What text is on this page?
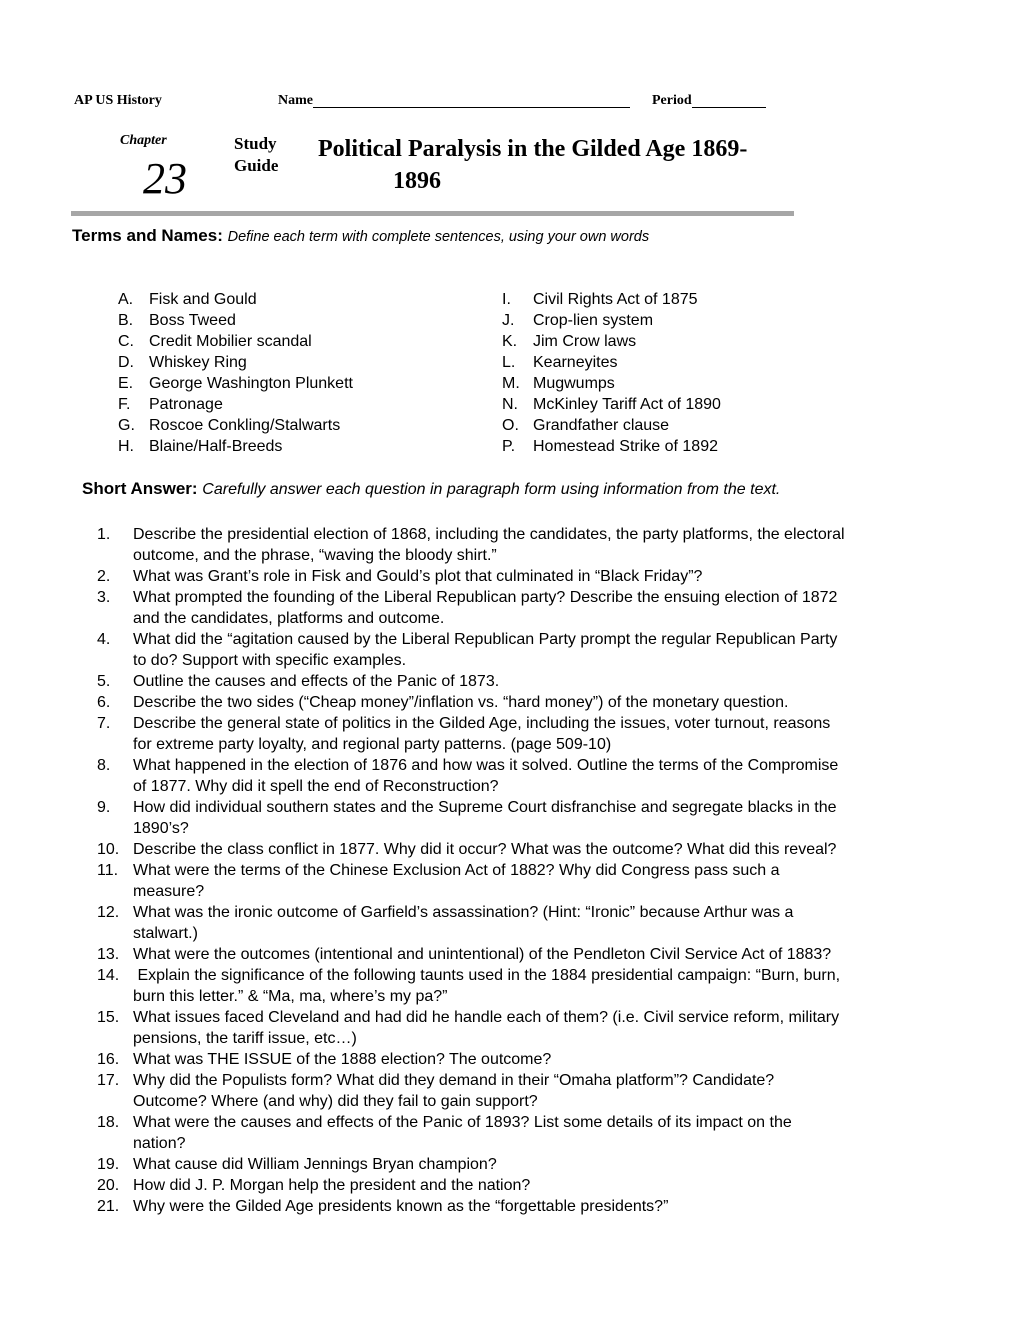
AP US History	Name	Period
Chapter
23
Study
Guide
Political Paralysis in the Gilded Age 1869-
1896
Terms and Names: Define each term with complete sentences, using your own words
A. Fisk and Gould
B. Boss Tweed
C. Credit Mobilier scandal
D. Whiskey Ring
E. George Washington Plunkett
F. Patronage
G. Roscoe Conkling/Stalwarts
H. Blaine/Half-Breeds
I. Civil Rights Act of 1875
J. Crop-lien system
K. Jim Crow laws
L. Kearneyites
M. Mugwumps
N. McKinley Tariff Act of 1890
O. Grandfather clause
P. Homestead Strike of 1892
Short Answer: Carefully answer each question in paragraph form using information from the text.
1.	Describe the presidential election of 1868, including the candidates, the party platforms, the electoral
outcome, and the phrase, “waving the bloody shirt.”
2.	What was Grant’s role in Fisk and Gould’s plot that culminated in “Black Friday”?
3.	What prompted the founding of the Liberal Republican party? Describe the ensuing election of 1872
and the candidates, platforms and outcome.
4.	What did the “agitation caused by the Liberal Republican Party prompt the regular Republican Party
to do? Support with specific examples.
5.	Outline the causes and effects of the Panic of 1873.
6.	Describe the two sides (“Cheap money”/inflation vs. “hard money”) of the monetary question.
7.	Describe the general state of politics in the Gilded Age, including the issues, voter turnout, reasons
for extreme party loyalty, and regional party patterns. (page 509-10)
8.	What happened in the election of 1876 and how was it solved. Outline the terms of the Compromise
of 1877. Why did it spell the end of Reconstruction?
9.	How did individual southern states and the Supreme Court disfranchise and segregate blacks in the
1890’s?
10. Describe the class conflict in 1877. Why did it occur? What was the outcome? What did this reveal?
11. What were the terms of the Chinese Exclusion Act of 1882? Why did Congress pass such a
measure?
12. What was the ironic outcome of Garfield’s assassination? (Hint: “Ironic” because Arthur was a
stalwart.)
13. What were the outcomes (intentional and unintentional) of the Pendleton Civil Service Act of 1883?
14. Explain the significance of the following taunts used in the 1884 presidential campaign: “Burn, burn,
burn this letter.” & “Ma, ma, where’s my pa?”
15. What issues faced Cleveland and had did he handle each of them? (i.e. Civil service reform, military
pensions, the tariff issue, etc…)
16. What was THE ISSUE of the 1888 election? The outcome?
17. Why did the Populists form? What did they demand in their “Omaha platform”? Candidate?
Outcome? Where (and why) did they fail to gain support?
18. What were the causes and effects of the Panic of 1893? List some details of its impact on the
nation?
19. What cause did William Jennings Bryan champion?
20. How did J. P. Morgan help the president and the nation?
21. Why were the Gilded Age presidents known as the “forgettable presidents?”
